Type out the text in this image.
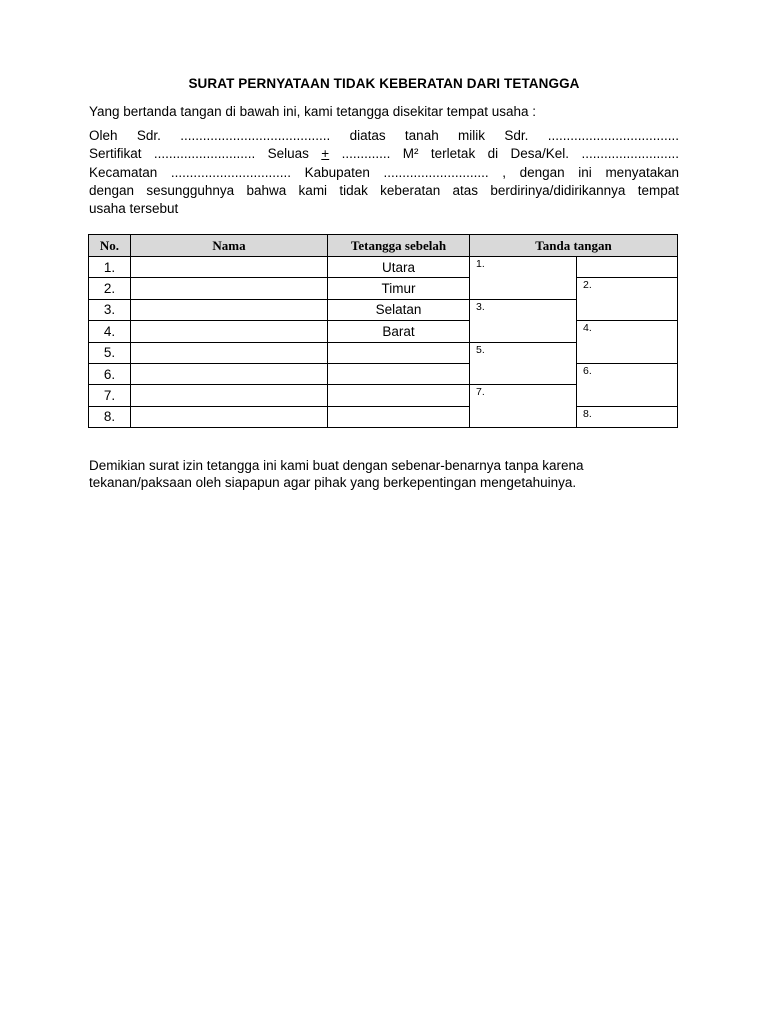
SURAT PERNYATAAN TIDAK KEBERATAN DARI TETANGGA
Yang bertanda tangan di bawah ini, kami tetangga disekitar tempat usaha :
Oleh Sdr. ........................................ diatas tanah milik Sdr. ...................................
Sertifikat ........................... Seluas + ............. M² terletak di Desa/Kel. ..........................
Kecamatan ................................ Kabupaten ............................ , dengan ini menyatakan
dengan sesungguhnya bahwa kami tidak keberatan atas berdirinya/didirikannya tempat
usaha tersebut
No.	Nama	Tetangga sebelah	Tanda tangan	
1.		Utara	1.	

2.		Timur		2.

3.		Selatan	3.	

4.		Barat		4.

5.			5.	

6.				6.

7.			7.	

8.				8.
Demikian surat izin tetangga ini kami buat dengan sebenar-benarnya tanpa karena
tekanan/paksaan oleh siapapun agar pihak yang berkepentingan mengetahuinya.
